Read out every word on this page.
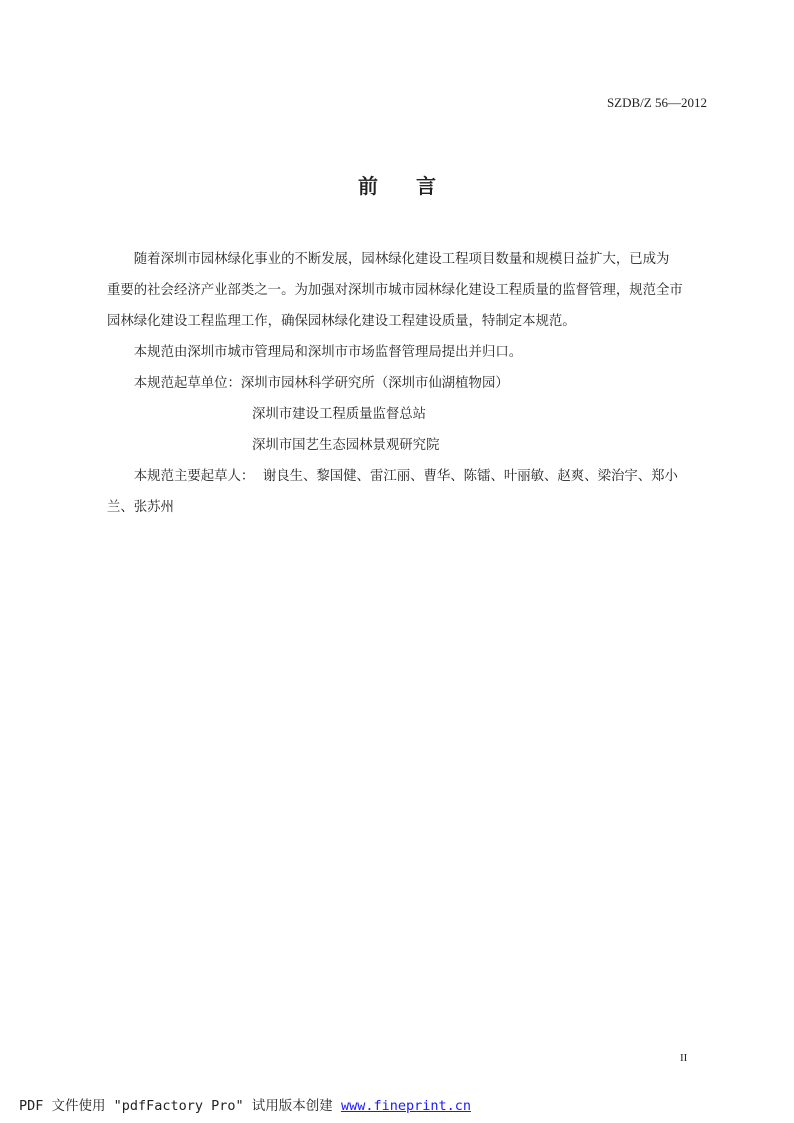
SZDB/Z 56—2012
前言

随着深圳市园林绿化事业的不断发展，园林绿化建设工程项目数量和规模日益扩大，已成为

重要的社会经济产业部类之一。为加强对深圳市城市园林绿化建设工程质量的监督管理，规范全市

园林绿化建设工程监理工作，确保园林绿化建设工程建设质量，特制定本规范。

本规范由深圳市城市管理局和深圳市市场监督管理局提出并归口。

本规范起草单位：深圳市园林科学研究所（深圳市仙湖植物园）

深圳市建设工程质量监督总站

深圳市国艺生态园林景观研究院

本规范主要起草人：  谢良生、黎国健、雷江丽、曹华、陈镭、叶丽敏、赵爽、梁治宇、郑小

兰、张苏州

II
PDF 文件使用 "pdfFactory Pro" 试用版本创建 www.fineprint.cn
